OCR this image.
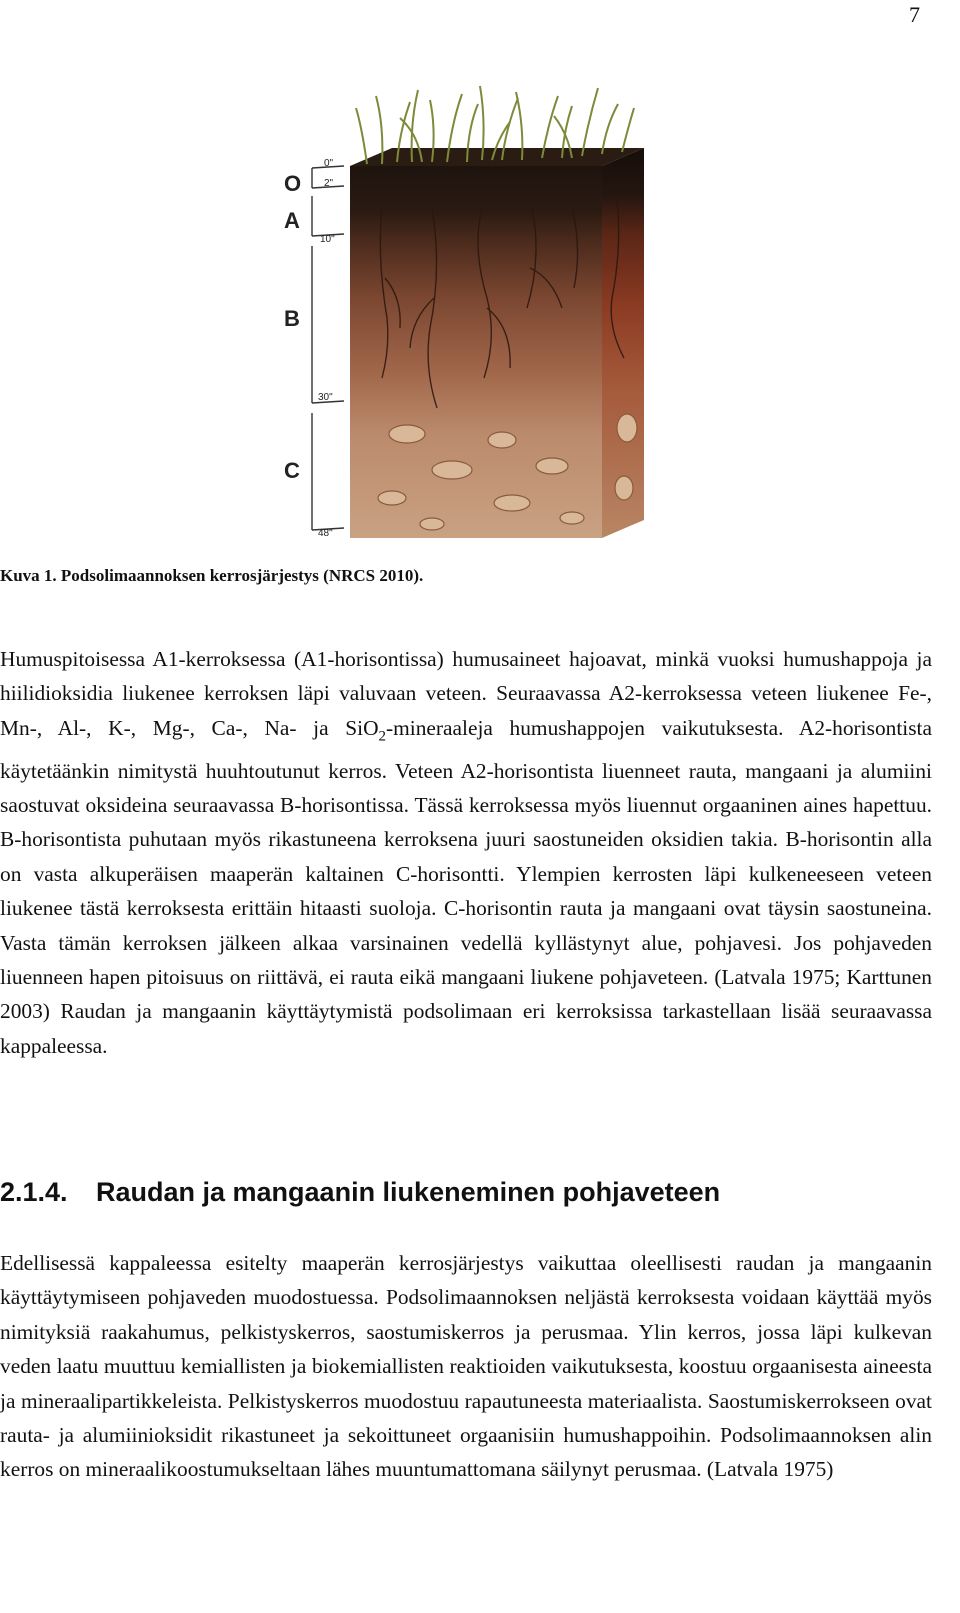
7
O
A
B
C
0"
2"
10"
30"
48"
Kuva 1. Podsolimaannoksen kerrosjärjestys (NRCS 2010).

Humuspitoisessa A1-kerroksessa (A1-horisontissa) humusaineet hajoavat, minkä vuoksi humushappoja ja hiilidioksidia liukenee kerroksen läpi valuvaan veteen. Seuraavassa A2-kerroksessa veteen liukenee Fe-, Mn-, Al-, K-, Mg-, Ca-, Na- ja SiO$_2$-mineraaleja humushappojen vaikutuksesta. A2-horisontista käytetäänkin nimitystä huuhtoutunut kerros. Veteen A2-horisontista liuenneet rauta, mangaani ja alumiini saostuvat oksideina seuraavassa B-horisontissa. Tässä kerroksessa myös liuennut orgaaninen aines hapettuu. B-horisontista puhutaan myös rikastuneena kerroksena juuri saostuneiden oksidien takia. B-horisontin alla on vasta alkuperäisen maaperän kaltainen C-horisontti. Ylempien kerrosten läpi kulkeneeseen veteen liukenee tästä kerroksesta erittäin hitaasti suoloja. C-horisontin rauta ja mangaani ovat täysin saostuneina. Vasta tämän kerroksen jälkeen alkaa varsinainen vedellä kyllästynyt alue, pohjavesi. Jos pohjaveden liuenneen hapen pitoisuus on riittävä, ei rauta eikä mangaani liukene pohjaveteen. (Latvala 1975; Karttunen 2003) Raudan ja mangaanin käyttäytymistä podsolimaan eri kerroksissa tarkastellaan lisää seuraavassa kappaleessa.

2.1.4. Raudan ja mangaanin liukeneminen pohjaveteen

Edellisessä kappaleessa esitelty maaperän kerrosjärjestys vaikuttaa oleellisesti raudan ja mangaanin käyttäytymiseen pohjaveden muodostuessa. Podsolimaannoksen neljästä kerroksesta voidaan käyttää myös nimityksiä raakahumus, pelkistyskerros, saostumiskerros ja perusmaa. Ylin kerros, jossa läpi kulkevan veden laatu muuttuu kemiallisten ja biokemiallisten reaktioiden vaikutuksesta, koostuu orgaanisesta aineesta ja mineraalipartikkeleista. Pelkistyskerros muodostuu rapautuneesta materiaalista. Saostumiskerrokseen ovat rauta- ja alumiinioksidit rikastuneet ja sekoittuneet orgaanisiin humushappoihin. Podsolimaannoksen alin kerros on mineraalikoostumukseltaan lähes muuntumattomana säilynyt perusmaa. (Latvala 1975)
